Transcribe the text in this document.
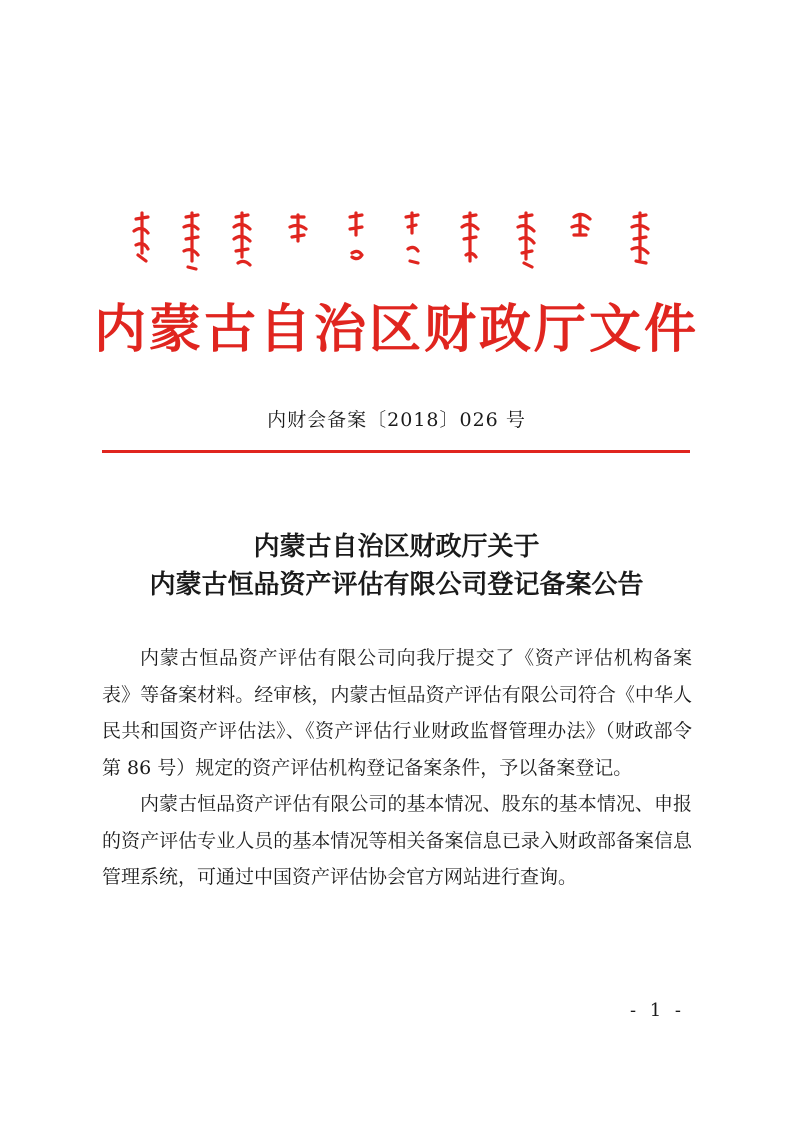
内蒙古自治区财政厅文件
内财会备案〔2018〕026 号
内蒙古自治区财政厅关于
内蒙古恒品资产评估有限公司登记备案公告

内蒙古恒品资产评估有限公司向我厅提交了《资产评估机构备案表》等备案材料。经审核，内蒙古恒品资产评估有限公司符合《中华人民共和国资产评估法》、《资产评估行业财政监督管理办法》（财政部令第 86 号）规定的资产评估机构登记备案条件，予以备案登记。

内蒙古恒品资产评估有限公司的基本情况、股东的基本情况、申报的资产评估专业人员的基本情况等相关备案信息已录入财政部备案信息管理系统，可通过中国资产评估协会官方网站进行查询。

- 1 -
